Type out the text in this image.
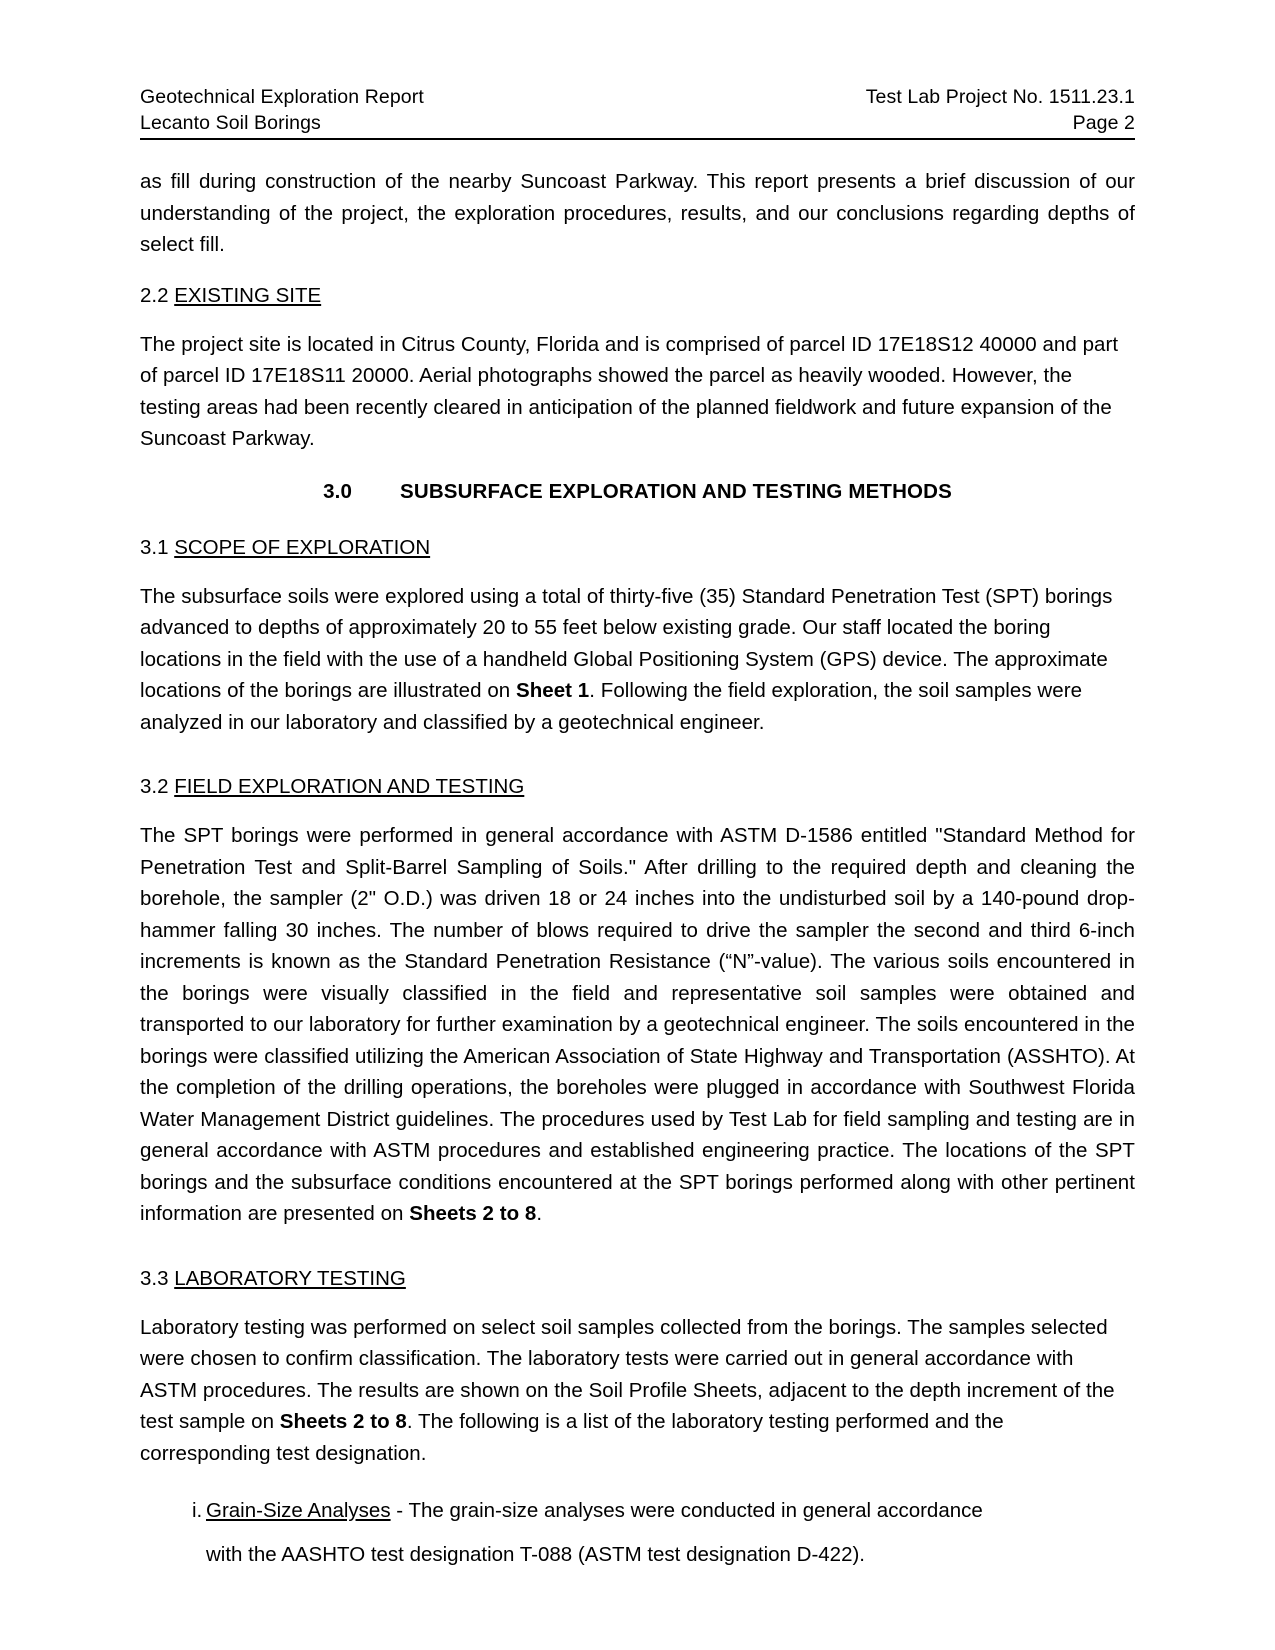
Geotechnical Exploration Report	Test Lab Project No. 1511.23.1
Lecanto Soil Borings	Page 2

as fill during construction of the nearby Suncoast Parkway. This report presents a brief discussion of our understanding of the project, the exploration procedures, results, and our conclusions regarding depths of select fill.

2.2 EXISTING SITE

The project site is located in Citrus County, Florida and is comprised of parcel ID 17E18S12 40000 and part of parcel ID 17E18S11 20000. Aerial photographs showed the parcel as heavily wooded. However, the testing areas had been recently cleared in anticipation of the planned fieldwork and future expansion of the Suncoast Parkway.

3.0 SUBSURFACE EXPLORATION AND TESTING METHODS
3.1 SCOPE OF EXPLORATION

The subsurface soils were explored using a total of thirty-five (35) Standard Penetration Test (SPT) borings advanced to depths of approximately 20 to 55 feet below existing grade. Our staff located the boring locations in the field with the use of a handheld Global Positioning System (GPS) device. The approximate locations of the borings are illustrated on Sheet 1. Following the field exploration, the soil samples were analyzed in our laboratory and classified by a geotechnical engineer.

3.2 FIELD EXPLORATION AND TESTING

The SPT borings were performed in general accordance with ASTM D-1586 entitled "Standard Method for Penetration Test and Split-Barrel Sampling of Soils." After drilling to the required depth and cleaning the borehole, the sampler (2" O.D.) was driven 18 or 24 inches into the undisturbed soil by a 140-pound drop-hammer falling 30 inches. The number of blows required to drive the sampler the second and third 6-inch increments is known as the Standard Penetration Resistance (“N”-value). The various soils encountered in the borings were visually classified in the field and representative soil samples were obtained and transported to our laboratory for further examination by a geotechnical engineer. The soils encountered in the borings were classified utilizing the American Association of State Highway and Transportation (ASSHTO). At the completion of the drilling operations, the boreholes were plugged in accordance with Southwest Florida Water Management District guidelines. The procedures used by Test Lab for field sampling and testing are in general accordance with ASTM procedures and established engineering practice. The locations of the SPT borings and the subsurface conditions encountered at the SPT borings performed along with other pertinent information are presented on Sheets 2 to 8.

3.3 LABORATORY TESTING

Laboratory testing was performed on select soil samples collected from the borings. The samples selected were chosen to confirm classification. The laboratory tests were carried out in general accordance with ASTM procedures. The results are shown on the Soil Profile Sheets, adjacent to the depth increment of the test sample on Sheets 2 to 8. The following is a list of the laboratory testing performed and the corresponding test designation.

i. Grain-Size Analyses - The grain-size analyses were conducted in general accordance
with the AASHTO test designation T-088 (ASTM test designation D-422).
